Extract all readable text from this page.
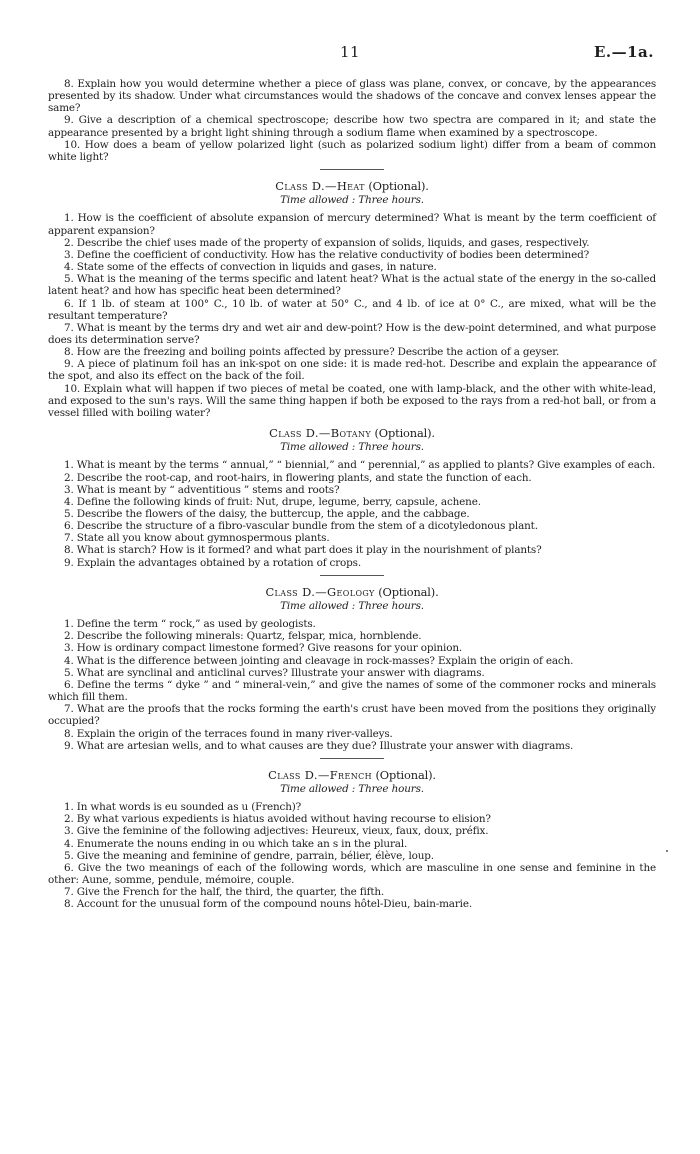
11	E.—1a.

8. Explain how you would determine whether a piece of glass was plane, convex, or concave, by the appearances presented by its shadow. Under what circumstances would the shadows of the concave and convex lenses appear the same?

9. Give a description of a chemical spectroscope; describe how two spectra are compared in it; and state the appearance presented by a bright light shining through a sodium flame when examined by a spectroscope.

10. How does a beam of yellow polarized light (such as polarized sodium light) differ from a beam of common white light?

Class D.—Heat (Optional).

Time allowed : Three hours.

1. How is the coefficient of absolute expansion of mercury determined? What is meant by the term coefficient of apparent expansion?

2. Describe the chief uses made of the property of expansion of solids, liquids, and gases, respectively.

3. Define the coefficient of conductivity. How has the relative conductivity of bodies been determined?

4. State some of the effects of convection in liquids and gases, in nature.

5. What is the meaning of the terms specific and latent heat? What is the actual state of the energy in the so-called latent heat? and how has specific heat been determined?

6. If 1 lb. of steam at 100° C., 10 lb. of water at 50° C., and 4 lb. of ice at 0° C., are mixed, what will be the resultant temperature?

7. What is meant by the terms dry and wet air and dew-point? How is the dew-point determined, and what purpose does its determination serve?

8. How are the freezing and boiling points affected by pressure? Describe the action of a geyser.

9. A piece of platinum foil has an ink-spot on one side: it is made red-hot. Describe and explain the appearance of the spot, and also its effect on the back of the foil.

10. Explain what will happen if two pieces of metal be coated, one with lamp-black, and the other with white-lead, and exposed to the sun's rays. Will the same thing happen if both be exposed to the rays from a red-hot ball, or from a vessel filled with boiling water?

Class D.—Botany (Optional).

Time allowed : Three hours.

1. What is meant by the terms “ annual,” “ biennial,” and “ perennial,” as applied to plants? Give examples of each.

2. Describe the root-cap, and root-hairs, in flowering plants, and state the function of each.

3. What is meant by “ adventitious ” stems and roots?

4. Define the following kinds of fruit: Nut, drupe, legume, berry, capsule, achene.

5. Describe the flowers of the daisy, the buttercup, the apple, and the cabbage.

6. Describe the structure of a fibro-vascular bundle from the stem of a dicotyledonous plant.

7. State all you know about gymnospermous plants.

8. What is starch? How is it formed? and what part does it play in the nourishment of plants?

9. Explain the advantages obtained by a rotation of crops.

Class D.—Geology (Optional).

Time allowed : Three hours.

1. Define the term “ rock,” as used by geologists.

2. Describe the following minerals: Quartz, felspar, mica, hornblende.

3. How is ordinary compact limestone formed? Give reasons for your opinion.

4. What is the difference between jointing and cleavage in rock-masses? Explain the origin of each.

5. What are synclinal and anticlinal curves? Illustrate your answer with diagrams.

6. Define the terms “ dyke ” and “ mineral-vein,” and give the names of some of the commoner rocks and minerals which fill them.

7. What are the proofs that the rocks forming the earth's crust have been moved from the positions they originally occupied?

8. Explain the origin of the terraces found in many river-valleys.

9. What are artesian wells, and to what causes are they due? Illustrate your answer with diagrams.

Class D.—French (Optional).

Time allowed : Three hours.

1. In what words is eu sounded as u (French)?

2. By what various expedients is hiatus avoided without having recourse to elision?

3. Give the feminine of the following adjectives: Heureux, vieux, faux, doux, préfix.

4. Enumerate the nouns ending in ou which take an s in the plural.

5. Give the meaning and feminine of gendre, parrain, bélier, élève, loup.

6. Give the two meanings of each of the following words, which are masculine in one sense and feminine in the other: Aune, somme, pendule, mémoire, couple.

7. Give the French for the half, the third, the quarter, the fifth.

8. Account for the unusual form of the compound nouns hôtel-Dieu, bain-marie.
